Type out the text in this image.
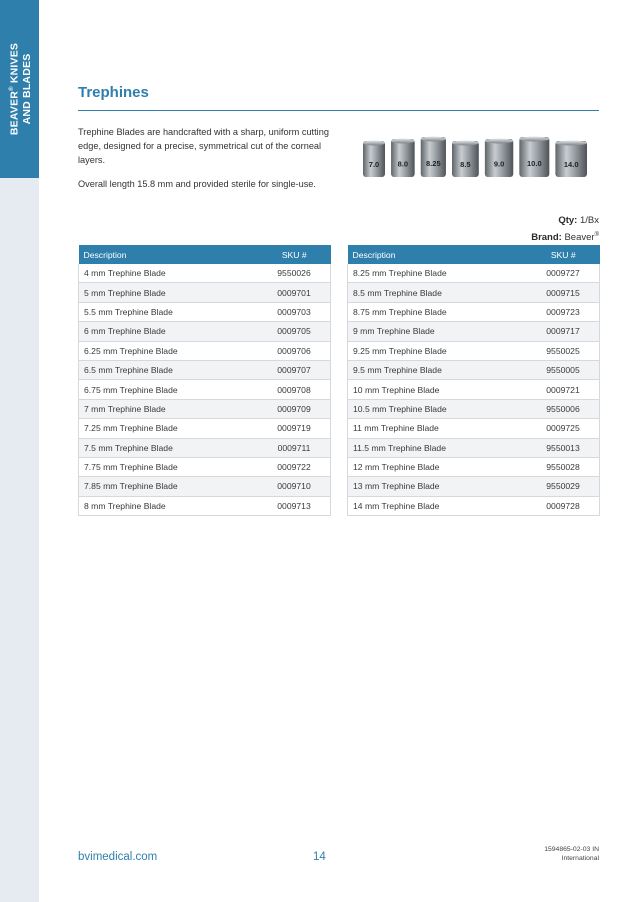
BEAVER® KNIVES
AND BLADES	Trephines

Trephine Blades are handcrafted with a sharp, uniform cutting edge, designed for a precise, symmetrical cut of the corneal layers.

Overall length 15.8 mm and provided sterile for single-use.

7.0 8.0 8.25	8.5	9.0	10.0	14.0
Qty: 1/Bx
Brand: Beaver®
Description	SKU #
4 mm Trephine Blade	9550026
5 mm Trephine Blade	0009701
5.5 mm Trephine Blade	0009703
6 mm Trephine Blade	0009705
6.25 mm Trephine Blade	0009706
6.5 mm Trephine Blade	0009707
6.75 mm Trephine Blade	0009708
7 mm Trephine Blade	0009709
7.25 mm Trephine Blade	0009719
7.5 mm Trephine Blade	0009711
7.75 mm Trephine Blade	0009722
7.85 mm Trephine Blade	0009710
8 mm Trephine Blade	0009713
Description	SKU #
8.25 mm Trephine Blade	0009727
8.5 mm Trephine Blade	0009715
8.75 mm Trephine Blade	0009723
9 mm Trephine Blade	0009717
9.25 mm Trephine Blade	9550025
9.5 mm Trephine Blade	9550005
10 mm Trephine Blade	0009721
10.5 mm Trephine Blade	9550006
11 mm Trephine Blade	0009725
11.5 mm Trephine Blade	9550013
12 mm Trephine Blade	9550028
13 mm Trephine Blade	9550029
14 mm Trephine Blade	0009728
bvimedical.com	14
1594865-02-03 IN
International
